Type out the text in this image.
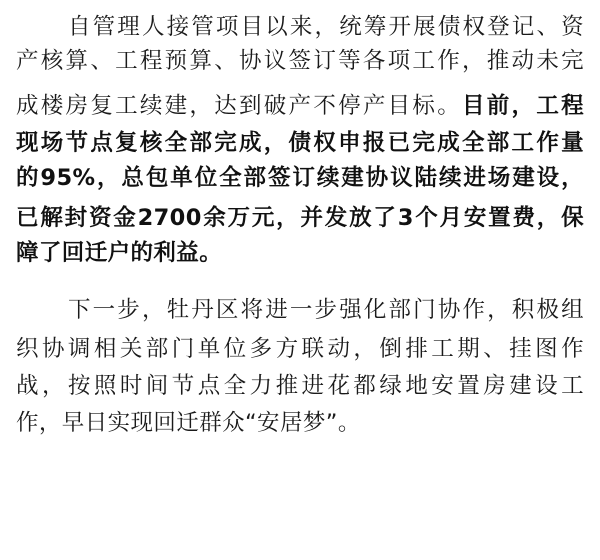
自管理人接管项目以来，统筹开展债权登记、资
产核算、工程预算、协议签订等各项工作，推动未完
成楼房复工续建，达到破产不停产目标。目前，工程
现场节点复核全部完成，债权申报已完成全部工作量
的95%，总包单位全部签订续建协议陆续进场建设，
已解封资金2700余万元，并发放了3个月安置费，保
障了回迁户的利益。
下一步，牡丹区将进一步强化部门协作，积极组
织协调相关部门单位多方联动，倒排工期、挂图作
战，按照时间节点全力推进花都绿地安置房建设工
作，早日实现回迁群众“安居梦”。
